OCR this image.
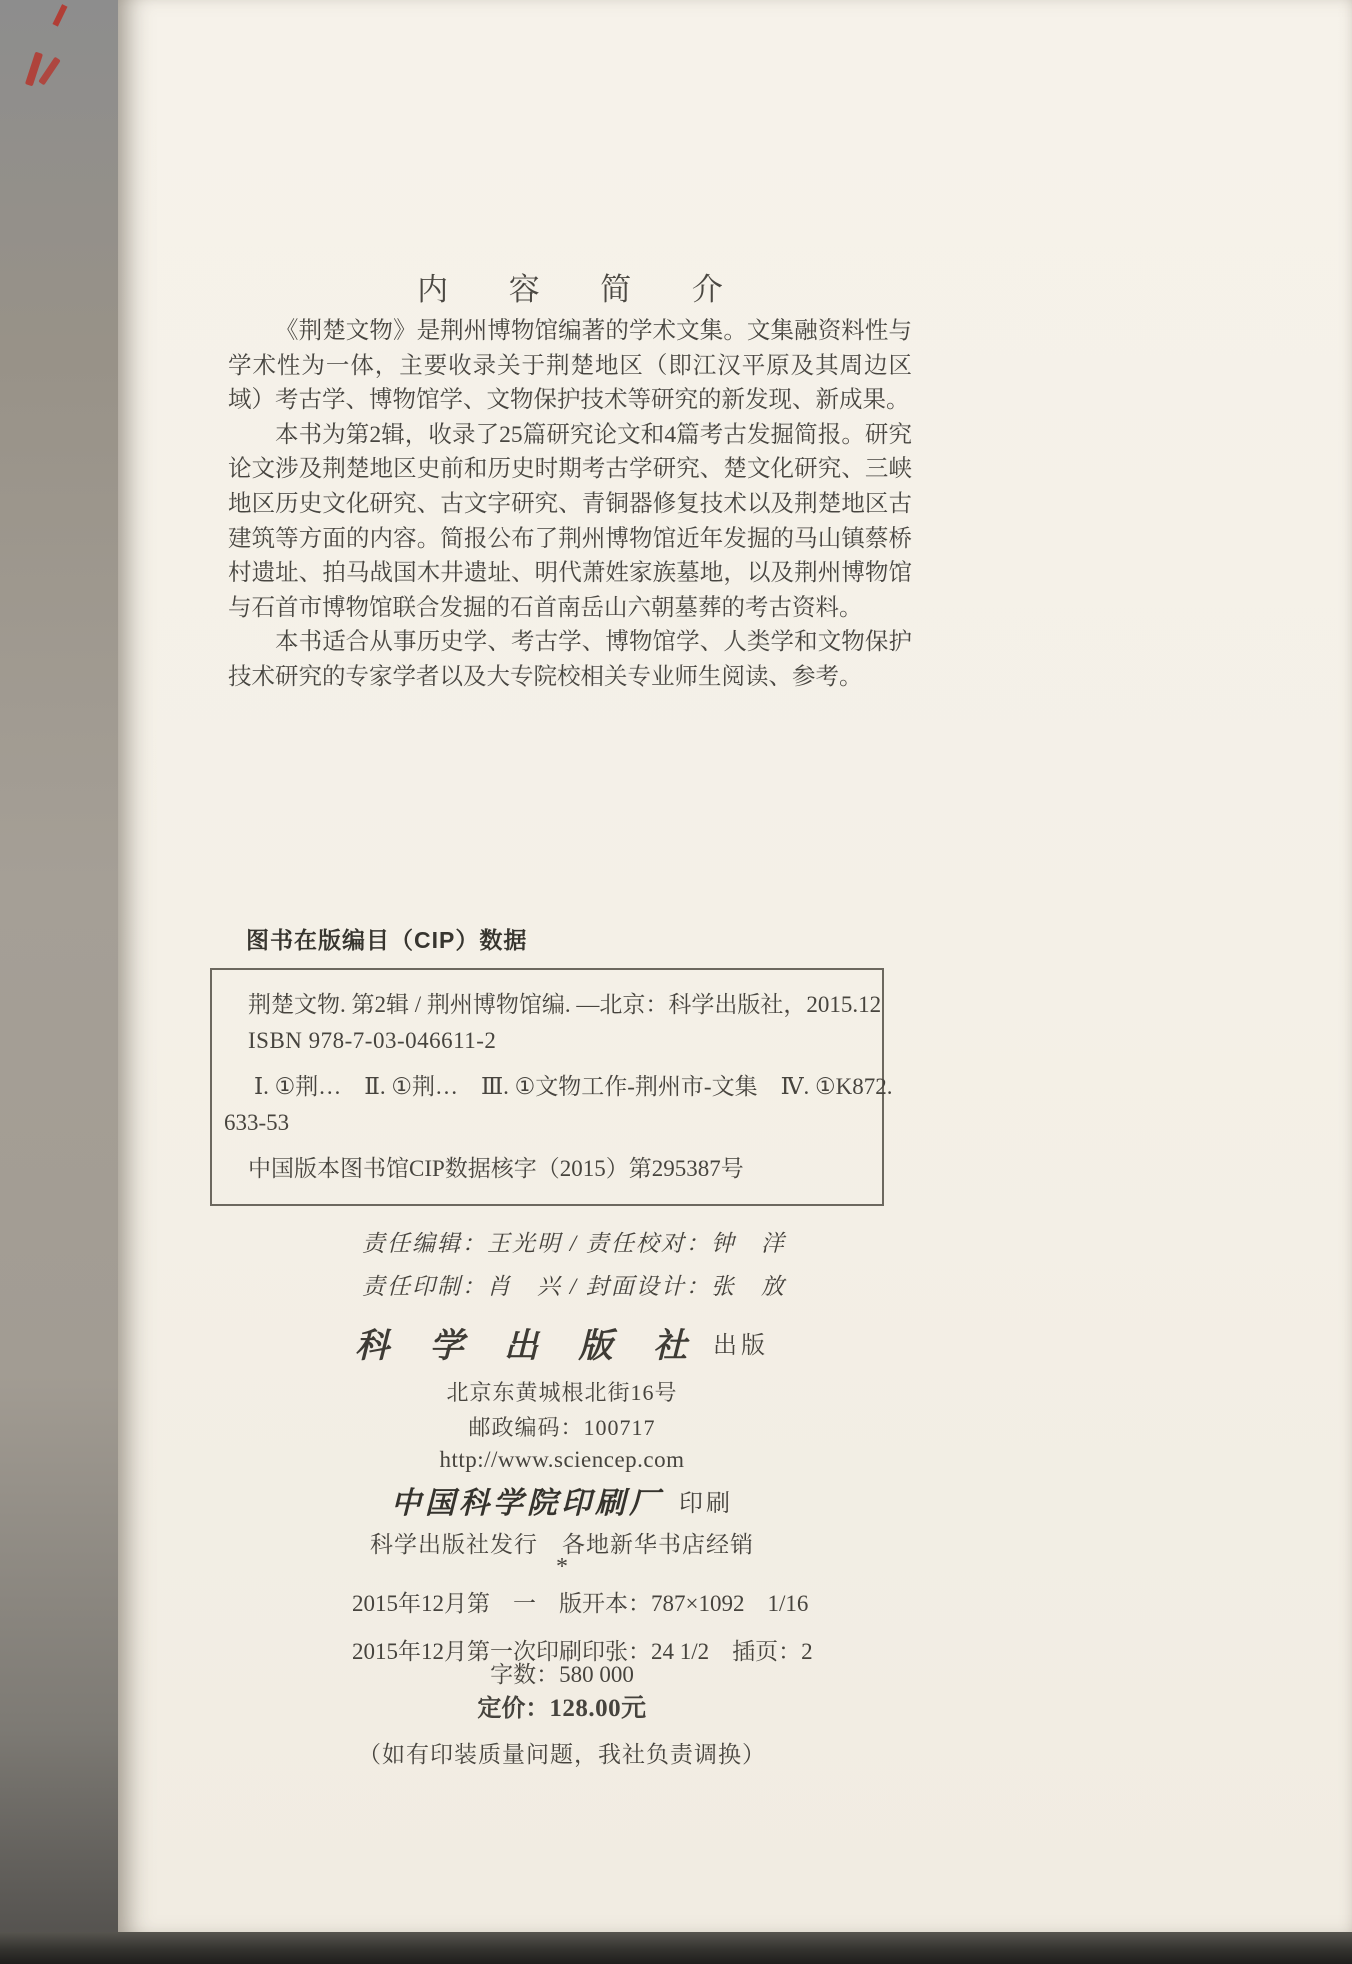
内 容 简 介

《荆楚文物》是荆州博物馆编著的学术文集。文集融资料性与学术性为一体，主要收录关于荆楚地区（即江汉平原及其周边区域）考古学、博物馆学、文物保护技术等研究的新发现、新成果。

本书为第2辑，收录了25篇研究论文和4篇考古发掘简报。研究论文涉及荆楚地区史前和历史时期考古学研究、楚文化研究、三峡地区历史文化研究、古文字研究、青铜器修复技术以及荆楚地区古建筑等方面的内容。简报公布了荆州博物馆近年发掘的马山镇蔡桥村遗址、拍马战国木井遗址、明代萧姓家族墓地，以及荆州博物馆与石首市博物馆联合发掘的石首南岳山六朝墓葬的考古资料。

本书适合从事历史学、考古学、博物馆学、人类学和文物保护技术研究的专家学者以及大专院校相关专业师生阅读、参考。

图书在版编目（CIP）数据
荆楚文物. 第2辑 / 荆州博物馆编. —北京：科学出版社，2015.12
ISBN 978-7-03-046611-2
Ⅰ. ①荆…　Ⅱ. ①荆…　Ⅲ. ①文物工作-荆州市-文集　Ⅳ. ①K872.
633-53
中国版本图书馆CIP数据核字（2015）第295387号
责任编辑：王光明 / 责任校对：钟　洋
责任印制：肖　兴 / 封面设计：张　放
科 学 出 版 社 出版
北京东黄城根北街16号
邮政编码：100717
http://www.sciencep.com
中国科学院印刷厂 印刷
科学出版社发行　各地新华书店经销
*
2015年12月第　一　版 开本：787×1092　1/16
2015年12月第一次印刷 印张：24 1/2　插页：2
字数：580 000
定价：128.00元
（如有印装质量问题，我社负责调换）
